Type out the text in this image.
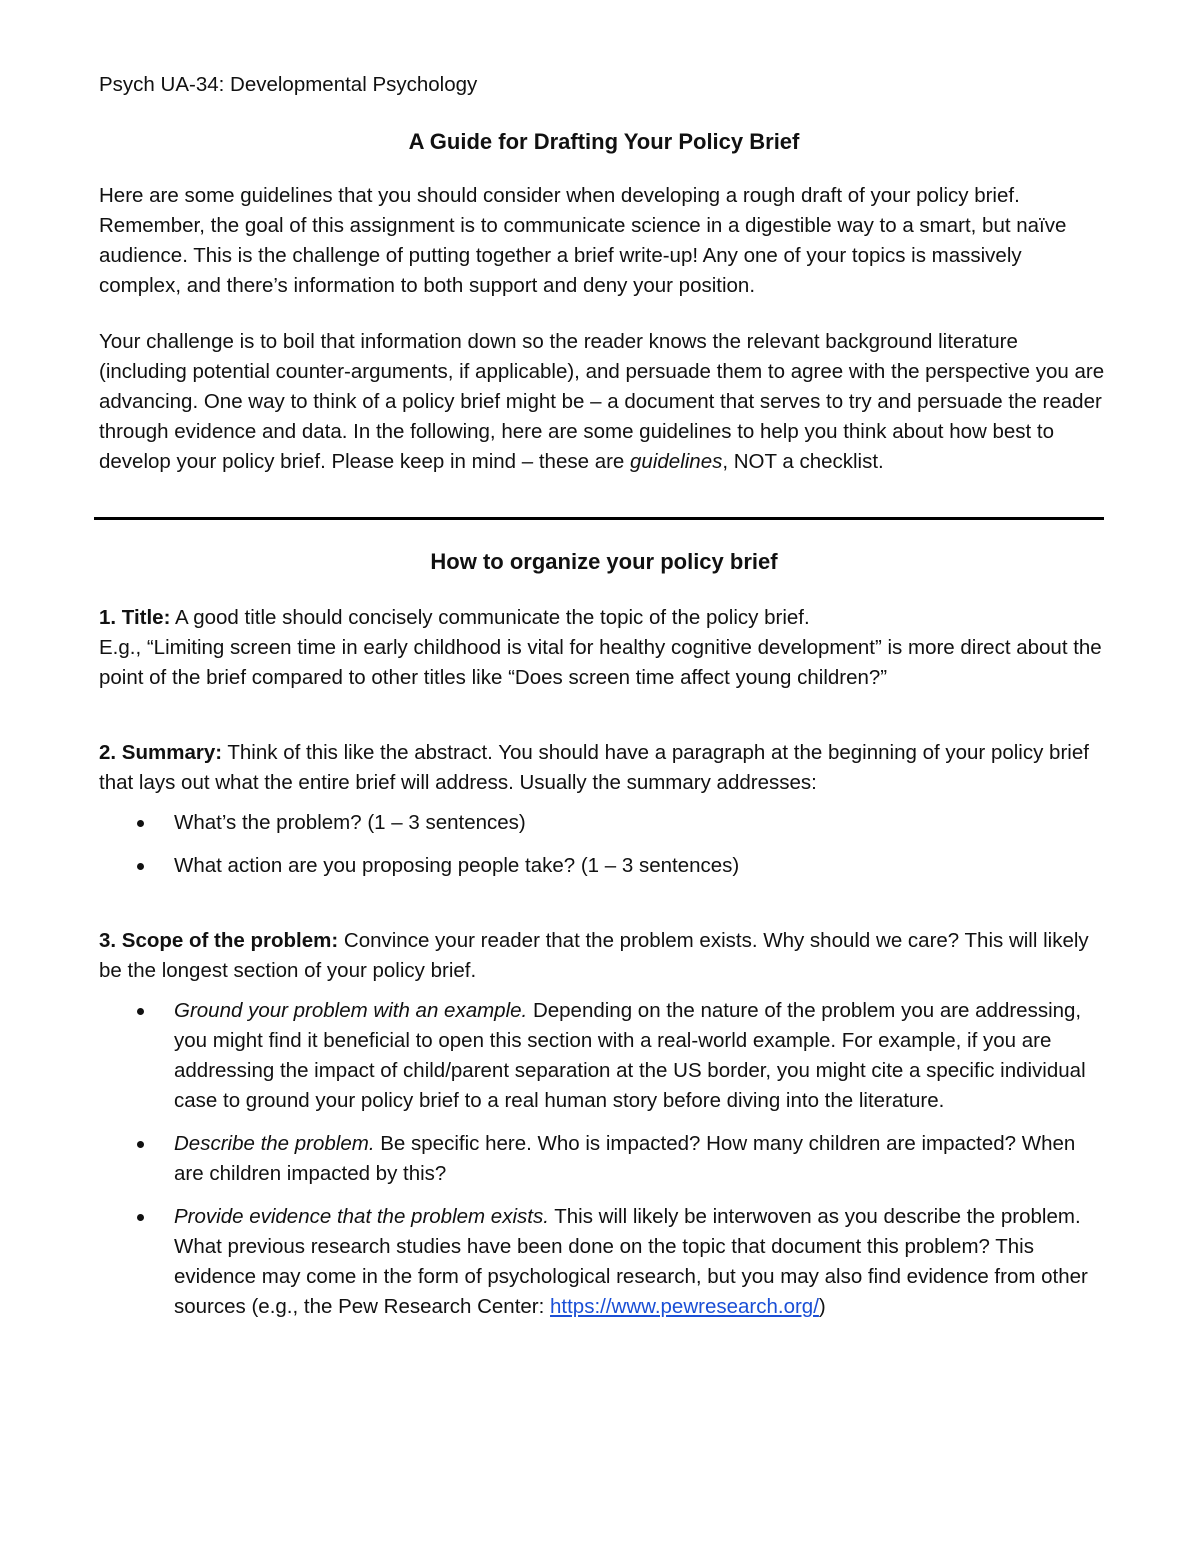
Psych UA-34: Developmental Psychology

A Guide for Drafting Your Policy Brief

Here are some guidelines that you should consider when developing a rough draft of your policy brief. Remember, the goal of this assignment is to communicate science in a digestible way to a smart, but naïve audience. This is the challenge of putting together a brief write-up! Any one of your topics is massively complex, and there’s information to both support and deny your position.

Your challenge is to boil that information down so the reader knows the relevant background literature (including potential counter-arguments, if applicable), and persuade them to agree with the perspective you are advancing. One way to think of a policy brief might be – a document that serves to try and persuade the reader through evidence and data. In the following, here are some guidelines to help you think about how best to develop your policy brief. Please keep in mind – these are guidelines, NOT a checklist.

How to organize your policy brief

1. Title: A good title should concisely communicate the topic of the policy brief.

E.g., “Limiting screen time in early childhood is vital for healthy cognitive development” is more direct about the point of the brief compared to other titles like “Does screen time affect young children?”

2. Summary: Think of this like the abstract. You should have a paragraph at the beginning of your policy brief that lays out what the entire brief will address. Usually the summary addresses:

What’s the problem? (1 – 3 sentences)
What action are you proposing people take? (1 – 3 sentences)

3. Scope of the problem: Convince your reader that the problem exists. Why should we care? This will likely be the longest section of your policy brief.

Ground your problem with an example. Depending on the nature of the problem you are addressing, you might find it beneficial to open this section with a real-world example. For example, if you are addressing the impact of child/parent separation at the US border, you might cite a specific individual case to ground your policy brief to a real human story before diving into the literature.
Describe the problem. Be specific here. Who is impacted? How many children are impacted? When are children impacted by this?
Provide evidence that the problem exists. This will likely be interwoven as you describe the problem. What previous research studies have been done on the topic that document this problem? This evidence may come in the form of psychological research, but you may also find evidence from other sources (e.g., the Pew Research Center: https://www.pewresearch.org/)
